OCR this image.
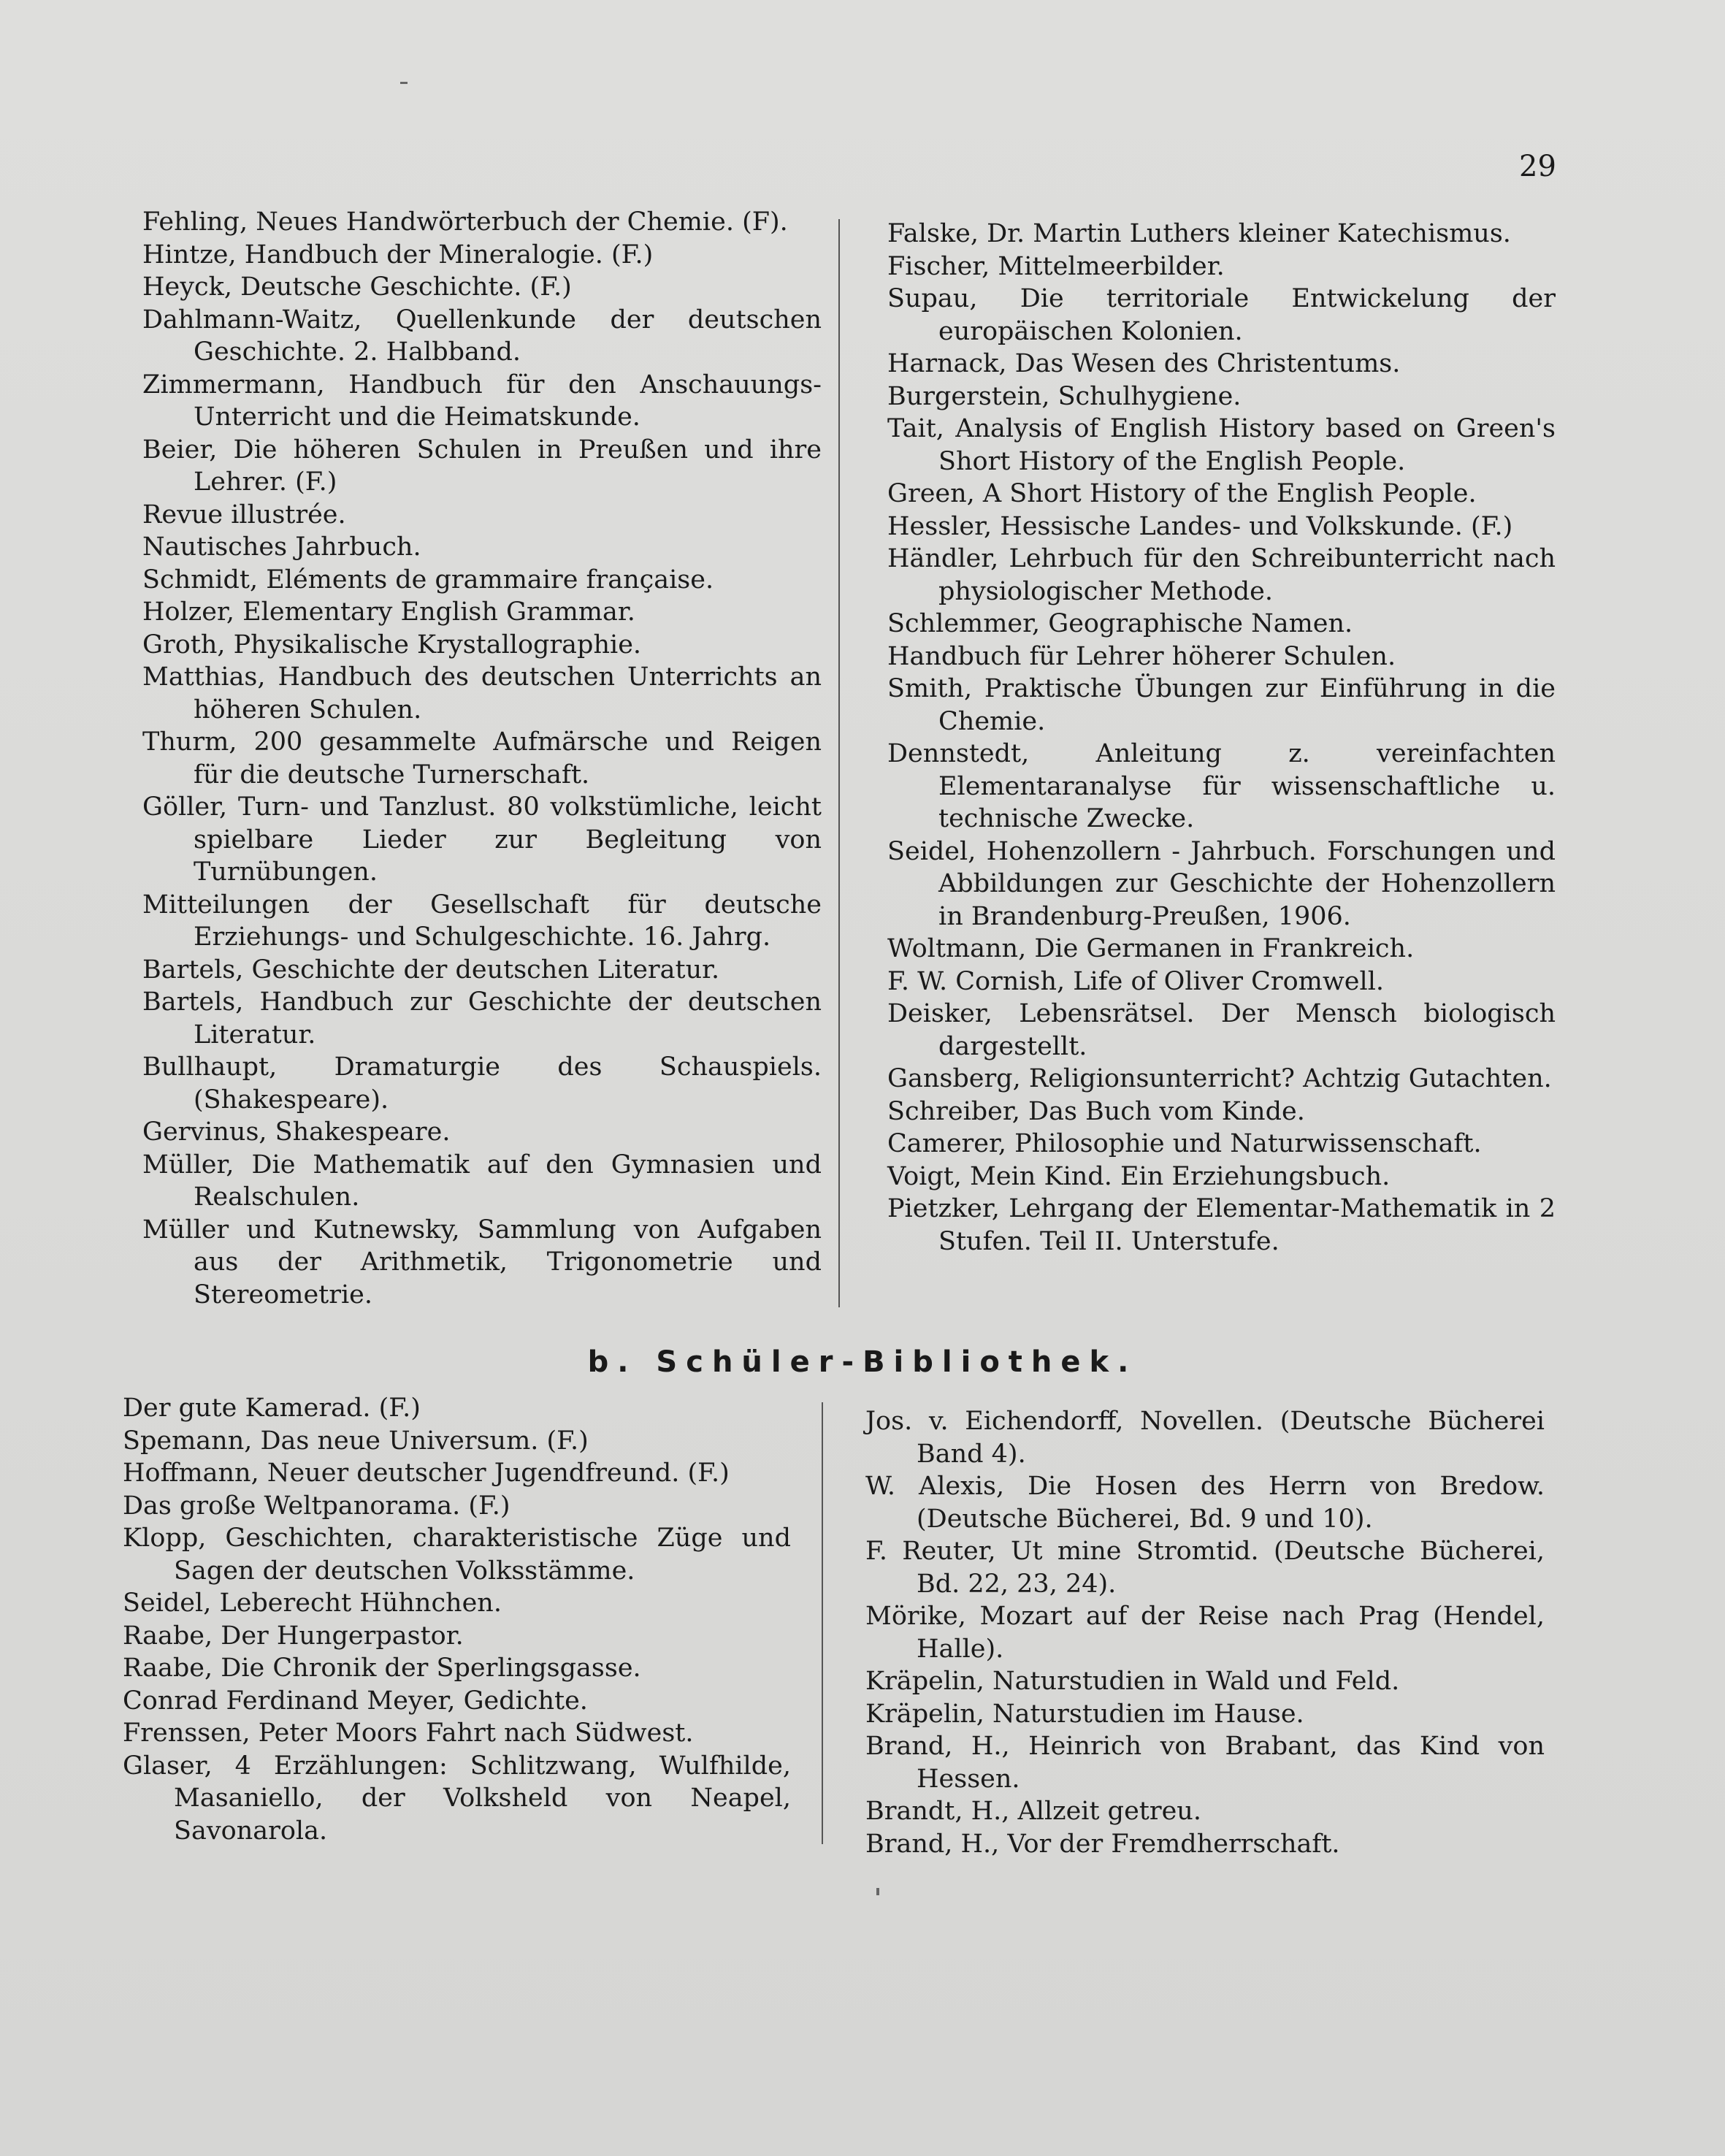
29
Fehling, Neues Handwörterbuch der Chemie. (F).
Hintze, Handbuch der Mineralogie. (F.)
Heyck, Deutsche Geschichte. (F.)
Dahlmann-Waitz, Quellenkunde der deutschen Geschichte. 2. Halbband.
Zimmermann, Handbuch für den Anschauungs-Unterricht und die Heimatskunde.
Beier, Die höheren Schulen in Preußen und ihre Lehrer. (F.)
Revue illustrée.
Nautisches Jahrbuch.
Schmidt, Eléments de grammaire française.
Holzer, Elementary English Grammar.
Groth, Physikalische Krystallographie.
Matthias, Handbuch des deutschen Unterrichts an höheren Schulen.
Thurm, 200 gesammelte Aufmärsche und Reigen für die deutsche Turnerschaft.
Göller, Turn- und Tanzlust. 80 volkstümliche, leicht spielbare Lieder zur Begleitung von Turnübungen.
Mitteilungen der Gesellschaft für deutsche Erziehungs- und Schulgeschichte. 16. Jahrg.
Bartels, Geschichte der deutschen Literatur.
Bartels, Handbuch zur Geschichte der deutschen Literatur.
Bullhaupt, Dramaturgie des Schauspiels. (Shakespeare).
Gervinus, Shakespeare.
Müller, Die Mathematik auf den Gymnasien und Realschulen.
Müller und Kutnewsky, Sammlung von Aufgaben aus der Arithmetik, Trigonometrie und Stereometrie.
Falske, Dr. Martin Luthers kleiner Katechismus.
Fischer, Mittelmeerbilder.
Supau, Die territoriale Entwickelung der europäischen Kolonien.
Harnack, Das Wesen des Christentums.
Burgerstein, Schulhygiene.
Tait, Analysis of English History based on Green's Short History of the English People.
Green, A Short History of the English People.
Hessler, Hessische Landes- und Volkskunde. (F.)
Händler, Lehrbuch für den Schreibunterricht nach physiologischer Methode.
Schlemmer, Geographische Namen.
Handbuch für Lehrer höherer Schulen.
Smith, Praktische Übungen zur Einführung in die Chemie.
Dennstedt, Anleitung z. vereinfachten Elementaranalyse für wissenschaftliche u. technische Zwecke.
Seidel, Hohenzollern - Jahrbuch. Forschungen und Abbildungen zur Geschichte der Hohenzollern in Brandenburg-Preußen, 1906.
Woltmann, Die Germanen in Frankreich.
F. W. Cornish, Life of Oliver Cromwell.
Deisker, Lebensrätsel. Der Mensch biologisch dargestellt.
Gansberg, Religionsunterricht? Achtzig Gutachten.
Schreiber, Das Buch vom Kinde.
Camerer, Philosophie und Naturwissenschaft.
Voigt, Mein Kind. Ein Erziehungsbuch.
Pietzker, Lehrgang der Elementar-Mathematik in 2 Stufen. Teil II. Unterstufe.
b. Schüler-Bibliothek.
Der gute Kamerad. (F.)
Spemann, Das neue Universum. (F.)
Hoffmann, Neuer deutscher Jugendfreund. (F.)
Das große Weltpanorama. (F.)
Klopp, Geschichten, charakteristische Züge und Sagen der deutschen Volksstämme.
Seidel, Leberecht Hühnchen.
Raabe, Der Hungerpastor.
Raabe, Die Chronik der Sperlingsgasse.
Conrad Ferdinand Meyer, Gedichte.
Frenssen, Peter Moors Fahrt nach Südwest.
Glaser, 4 Erzählungen: Schlitzwang, Wulfhilde, Masaniello, der Volksheld von Neapel, Savonarola.
Jos. v. Eichendorff, Novellen. (Deutsche Bücherei Band 4).
W. Alexis, Die Hosen des Herrn von Bredow. (Deutsche Bücherei, Bd. 9 und 10).
F. Reuter, Ut mine Stromtid. (Deutsche Bücherei, Bd. 22, 23, 24).
Mörike, Mozart auf der Reise nach Prag (Hendel, Halle).
Kräpelin, Naturstudien in Wald und Feld.
Kräpelin, Naturstudien im Hause.
Brand, H., Heinrich von Brabant, das Kind von Hessen.
Brandt, H., Allzeit getreu.
Brand, H., Vor der Fremdherrschaft.
